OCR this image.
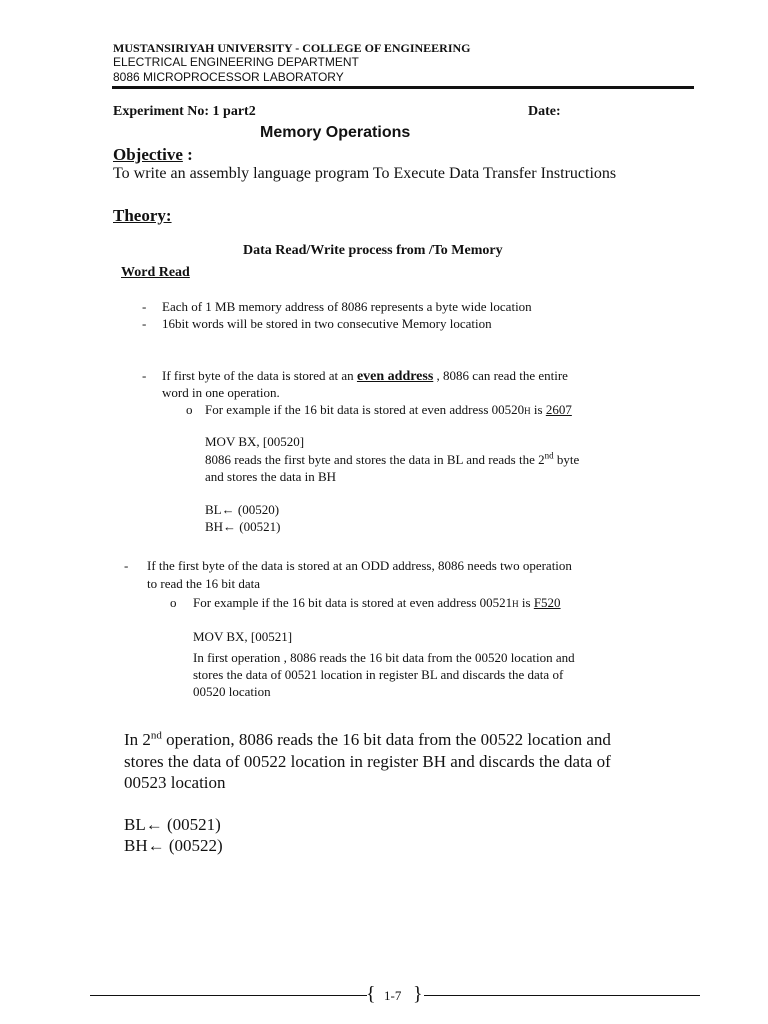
MUSTANSIRIYAH UNIVERSITY - COLLEGE OF ENGINEERING
ELECTRICAL ENGINEERING DEPARTMENT
8086 MICROPROCESSOR LABORATORY
Experiment No: 1 part2	Date:
Memory Operations
Objective :
To write an assembly language program To Execute Data Transfer Instructions
Theory:
Data Read/Write process from /To Memory
Word Read
- Each of 1 MB memory address of 8086 represents a byte wide location
- 16bit words will be stored in two consecutive Memory location
- If first byte of the data is stored at an even address , 8086 can read the entire
word in one operation.
o For example if the 16 bit data is stored at even address 00520H is 2607
MOV BX, [00520]
8086 reads the first byte and stores the data in BL and reads the 2nd byte
and stores the data in BH
BL← (00520)
BH← (00521)
- If the first byte of the data is stored at an ODD address, 8086 needs two operation
to read the 16 bit data
o For example if the 16 bit data is stored at even address 00521H is F520
MOV BX, [00521]
In first operation , 8086 reads the 16 bit data from the 00520 location and
stores the data of 00521 location in register BL and discards the data of
00520 location
In 2nd operation, 8086 reads the 16 bit data from the 00522 location and
stores the data of 00522 location in register BH and discards the data of
00523 location
BL← (00521)
BH← (00522)
{ 1-7 }
